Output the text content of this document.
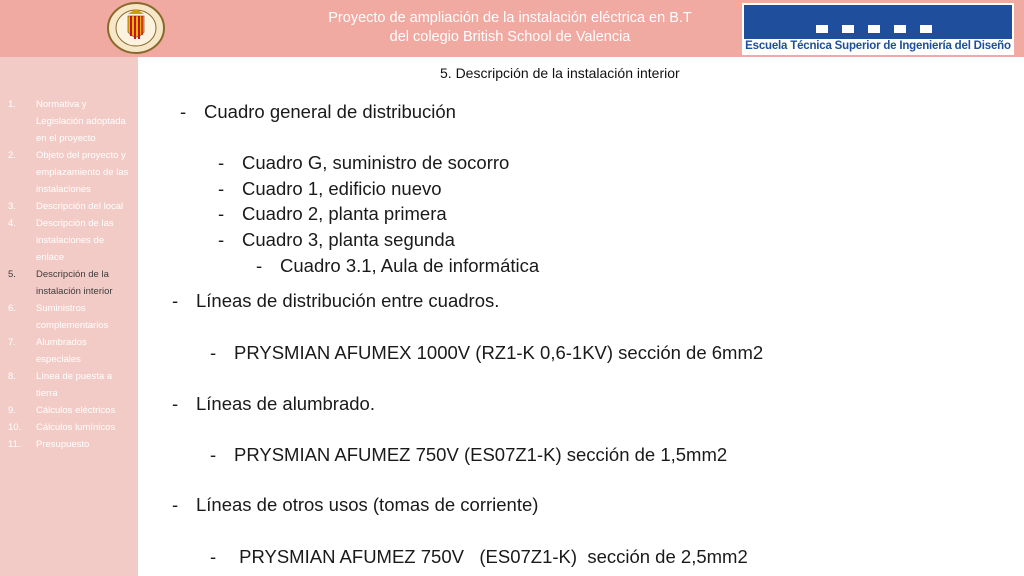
Proyecto de ampliación de la instalación eléctrica en B.T
del colegio British School de Valencia
Escuela Técnica Superior de Ingeniería del Diseño
1. Normativa y Legislación adoptada en el proyecto
2. Objeto del proyecto y emplazamiento de las instalaciones
3. Descripción del local
4. Descripción de las instalaciones de enlace
5. Descripción de la instalación interior
6. Suministros complementarios
7. Alumbrados especiales
8. Línea de puesta a tierra
9. Cálculos eléctricos
10. Cálculos lumínicos
11. Presupuesto
5. Descripción de la instalación interior
- Cuadro general de distribución
- Cuadro G, suministro de socorro
- Cuadro 1, edificio nuevo
- Cuadro 2, planta primera
- Cuadro 3, planta segunda
- Cuadro 3.1, Aula de informática
- Líneas de distribución entre cuadros.
- PRYSMIAN AFUMEX 1000V (RZ1-K 0,6-1KV) sección de 6mm2
- Líneas de alumbrado.
- PRYSMIAN AFUMEZ 750V (ES07Z1-K) sección de 1,5mm2
- Líneas de otros usos (tomas de corriente)
- PRYSMIAN AFUMEZ 750V   (ES07Z1-K)  sección de 2,5mm2
